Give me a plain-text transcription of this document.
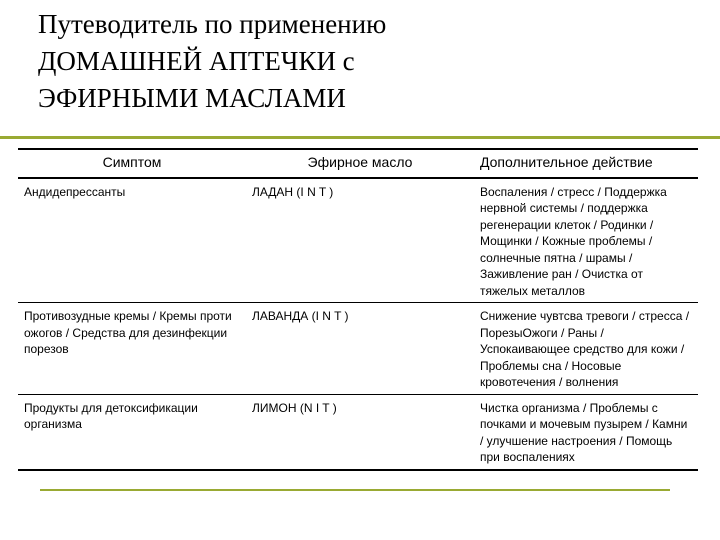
Путеводитель по применению
ДОМАШНЕЙ АПТЕЧКИ с
ЭФИРНЫМИ МАСЛАМИ
Симптом	Эфирное масло	Дополнительное действие
Андидепрессанты	ЛАДАН (I N T )	Воспаления / стресс / Поддержка нервной системы / поддержка регенерации клеток / Родинки / Мощинки / Кожные проблемы / солнечные пятна / шрамы / Заживление ран / Очистка от тяжелых металлов
Противозудные кремы / Кремы проти ожогов / Средства для дезинфекции порезов	ЛАВАНДА (I N T )	Снижение чувтсва тревоги / стресса / ПорезыОжоги / Раны / Успокаивающее средство для кожи / Проблемы сна / Носовые кровотечения / волнения
Продукты для детоксификации организма	ЛИМОН (N I T )	Чистка организма / Проблемы с почками и мочевым пузырем / Камни / улучшение настроения / Помощь при воспалениях
